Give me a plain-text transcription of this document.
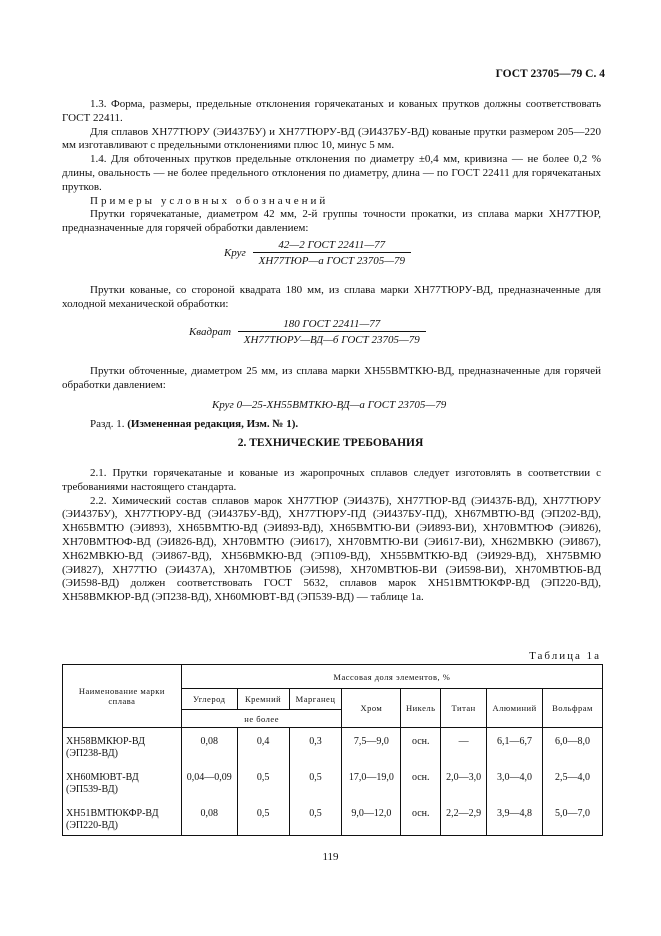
ГОСТ 23705—79 С. 4

1.3. Форма, размеры, предельные отклонения горячекатаных и кованых прутков должны соответствовать ГОСТ 22411.

Для сплавов ХН77ТЮРУ (ЭИ437БУ) и ХН77ТЮРУ-ВД (ЭИ437БУ-ВД) кованые прутки размером 205—220 мм изготавливают с предельными отклонениями плюс 10, минус 5 мм.

1.4. Для обточенных прутков предельные отклонения по диаметру ±0,4 мм, кривизна — не более 0,2 % длины, овальность — не более предельного отклонения по диаметру, длина — по ГОСТ 22411 для горячекатаных прутков.

Примеры условных обозначений

Прутки горячекатаные, диаметром 42 мм, 2-й группы точности прокатки, из сплава марки ХН77ТЮР, предназначенные для горячей обработки давлением:

Круг $\frac{\text{42—2 ГОСТ 22411—77}}{\text{ХН77ТЮР—а ГОСТ 23705—79}}$

Прутки кованые, со стороной квадрата 180 мм, из сплава марки ХН77ТЮРУ-ВД, предназначенные для холодной механической обработки:

Квадрат $\frac{\text{180 ГОСТ 22411—77}}{\text{ХН77ТЮРУ—ВД—б ГОСТ 23705—79}}$

Прутки обточенные, диаметром 25 мм, из сплава марки ХН55ВМТКЮ-ВД, предназначенные для горячей обработки давлением:

Круг 0—25-ХН55ВМТКЮ-ВД—а ГОСТ 23705—79

Разд. 1. (Измененная редакция, Изм. № 1).

2. ТЕХНИЧЕСКИЕ ТРЕБОВАНИЯ

2.1. Прутки горячекатаные и кованые из жаропрочных сплавов следует изготовлять в соответствии с требованиями настоящего стандарта.

2.2. Химический состав сплавов марок ХН77ТЮР (ЭИ437Б), ХН77ТЮР-ВД (ЭИ437Б-ВД), ХН77ТЮРУ (ЭИ437БУ), ХН77ТЮРУ-ВД (ЭИ437БУ-ВД), ХН77ТЮРУ-ПД (ЭИ437БУ-ПД), ХН67МВТЮ-ВД (ЭП202-ВД), ХН65ВМТЮ (ЭИ893), ХН65ВМТЮ-ВД (ЭИ893-ВД), ХН65ВМТЮ-ВИ (ЭИ893-ВИ), ХН70ВМТЮФ (ЭИ826), ХН70ВМТЮФ-ВД (ЭИ826-ВД), ХН70ВМТЮ (ЭИ617), ХН70ВМТЮ-ВИ (ЭИ617-ВИ), ХН62МВКЮ (ЭИ867), ХН62МВКЮ-ВД (ЭИ867-ВД), ХН56ВМКЮ-ВД (ЭП109-ВД), ХН55ВМТКЮ-ВД (ЭИ929-ВД), ХН75ВМЮ (ЭИ827), ХН77ТЮ (ЭИ437А), ХН70МВТЮБ (ЭИ598), ХН70МВТЮБ-ВИ (ЭИ598-ВИ), ХН70МВТЮБ-ВД (ЭИ598-ВД) должен соответствовать ГОСТ 5632, сплавов марок ХН51ВМТЮКФР-ВД (ЭП220-ВД), ХН58ВМКЮР-ВД (ЭП238-ВД), ХН60МЮВТ-ВД (ЭП539-ВД) — таблице 1а.

Таблица 1а
Наименование марки сплава	Массовая доля элементов, %							
	Углерод	Кремний	Марганец	Хром	Никель	Титан	Алюминий	Вольфрам
	не более							
ХН58ВМКЮР-ВД
(ЭП238-ВД)	0,08	0,4	0,3	7,5—9,0	осн.	—	6,1—6,7	6,0—8,0
ХН60МЮВТ-ВД
(ЭП539-ВД)	0,04—0,09	0,5	0,5	17,0—19,0	осн.	2,0—3,0	3,0—4,0	2,5—4,0
ХН51ВМТЮКФР-ВД
(ЭП220-ВД)	0,08	0,5	0,5	9,0—12,0	осн.	2,2—2,9	3,9—4,8	5,0—7,0
119
